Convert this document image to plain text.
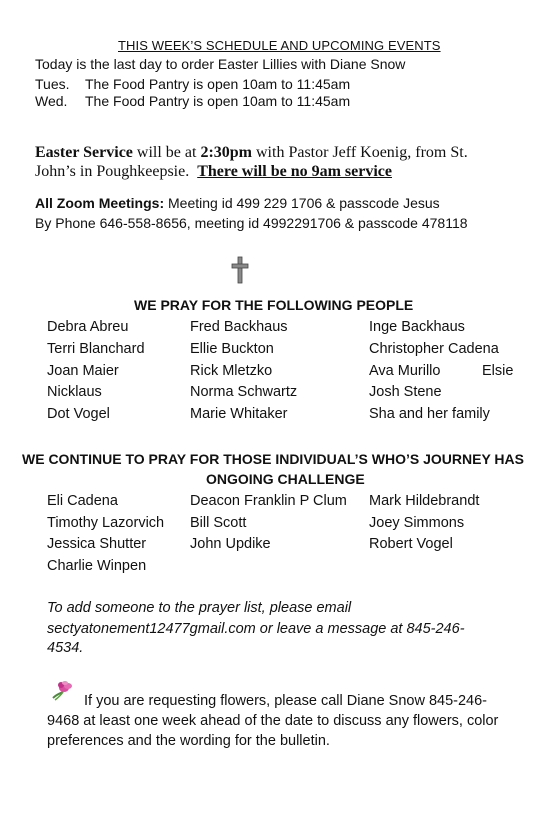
THIS WEEK’S SCHEDULE AND UPCOMING EVENTS
Today is the last day to order Easter Lillies with Diane Snow
Tues. The Food Pantry is open 10am to 11:45am
Wed. The Food Pantry is open 10am to 11:45am
Easter Service will be at 2:30pm with Pastor Jeff Koenig, from St.
John’s in Poughkeepsie. There will be no 9am service
All Zoom Meetings: Meeting id 499 229 1706 & passcode Jesus
By Phone 646-558-8656, meeting id 4992291706 & passcode 478118
WE PRAY FOR THE FOLLOWING PEOPLE
Debra Abreu
Terri Blanchard
Joan Maier
Nicklaus
Dot Vogel
Fred Backhaus
Ellie Buckton
Rick Mletzko
Norma Schwartz
Marie Whitaker
Inge Backhaus
Christopher Cadena
Ava Murillo	Elsie
Josh Stene
Sha and her family
WE CONTINUE TO PRAY FOR THOSE INDIVIDUAL’S WHO’S JOURNEY HAS
ONGOING CHALLENGE
Eli Cadena
Timothy Lazorvich
Jessica Shutter
Charlie Winpen
Deacon Franklin P Clum
Bill Scott
John Updike
Mark Hildebrandt
Joey Simmons
Robert Vogel
To add someone to the prayer list, please email
sectyatonement12477gmail.com or leave a message at 845-246-
4534.
If you are requesting flowers, please call Diane Snow 845-246-
9468 at least one week ahead of the date to discuss any flowers, color
preferences and the wording for the bulletin.
